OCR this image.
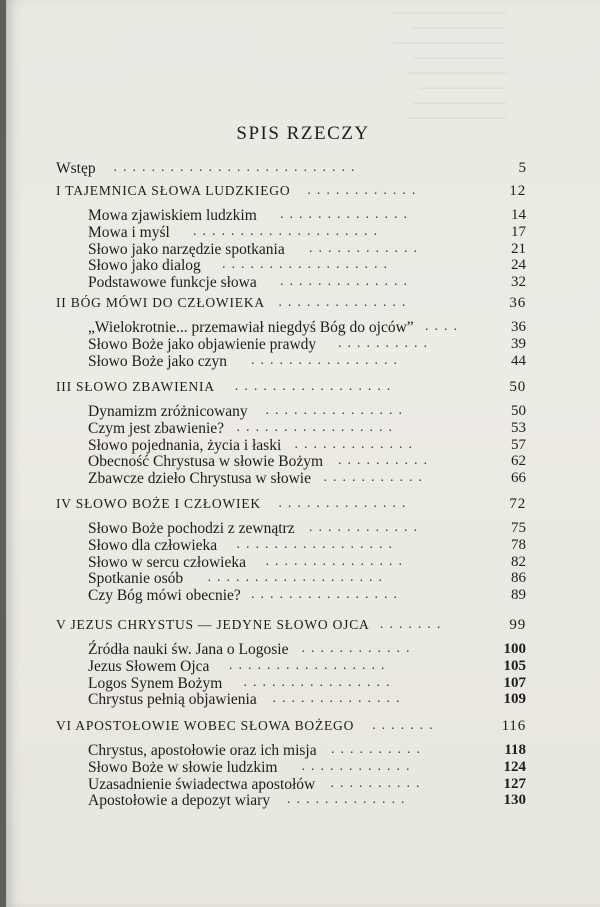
─────────────────
──────────────
─────────────────
──────────────
───────────────
─────────────
──────────────
───────────────
SPIS RZECZY
Wstęp	5
..........................
I TAJEMNICA SŁOWA LUDZKIEGO	12
............
Mowa zjawiskiem ludzkim	14
..............
Mowa i myśl	17
....................
Słowo jako narzędzie spotkania	21
............
Słowo jako dialog	24
..................
Podstawowe funkcje słowa	32
..............
II BÓG MÓWI DO CZŁOWIEKA	36
..............
„Wielokrotnie... przemawiał niegdyś Bóg do ojców”	36
....
Słowo Boże jako objawienie prawdy	39
..........
Słowo Boże jako czyn	44
................
III SŁOWO ZBAWIENIA	50
.................
Dynamizm zróżnicowany	50
...............
Czym jest zbawienie?	53
.................
Słowo pojednania, życia i łaski	57
.............
Obecność Chrystusa w słowie Bożym	62
..........
Zbawcze dzieło Chrystusa w słowie	66
...........
IV SŁOWO BOŻE I CZŁOWIEK	72
..............
Słowo Boże pochodzi z zewnątrz	75
............
Słowo dla człowieka	78
.................
Słowo w sercu człowieka	82
...............
Spotkanie osób	86
...................
Czy Bóg mówi obecnie?	89
................
V JEZUS CHRYSTUS — JEDYNE SŁOWO OJCA	99
.......
Źródła nauki św. Jana o Logosie	100
............
Jezus Słowem Ojca	105
.................
Logos Synem Bożym	107
................
Chrystus pełnią objawienia	109
..............
VI APOSTOŁOWIE WOBEC SŁOWA BOŻEGO	116
.......
Chrystus, apostołowie oraz ich misja	118
..........
Słowo Boże w słowie ludzkim	124
............
Uzasadnienie świadectwa apostołów	127
..........
Apostołowie a depozyt wiary	130
.............
